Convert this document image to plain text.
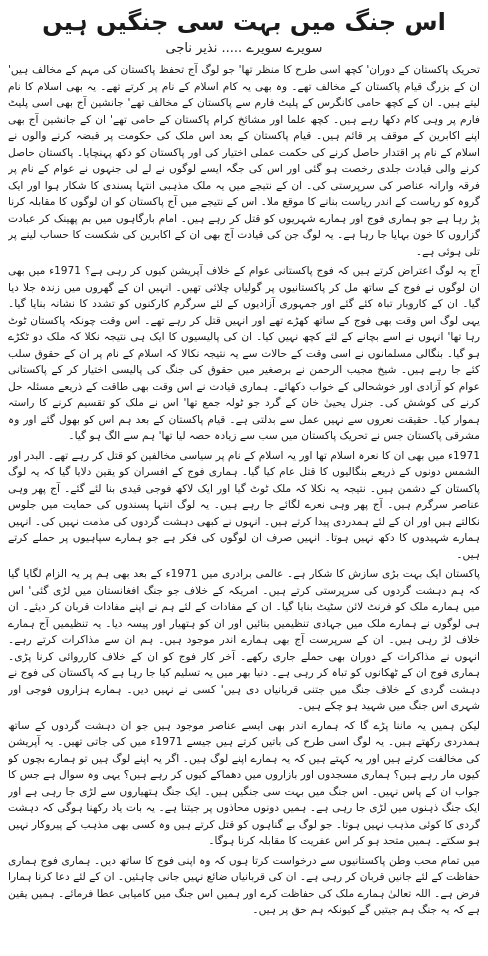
اس جنگ میں بہت سی جنگیں ہیں
سویرے سویرے ..... نذیر ناجی

تحریک پاکستان کے دوران' کچھ اسی طرح کا منظر تھا' جو لوگ آج تحفظ پاکستان کی مہم کے مخالف ہیں' ان کے بزرگ قیام پاکستان کے مخالف تھے۔ وہ بھی یہ کام اسلام کے نام پر کرتے تھے۔ یہ بھی اسلام کا نام لیتے ہیں۔ ان کے کچھ حامی کانگرس کے پلیٹ فارم سے پاکستان کے مخالف تھے' جانشین آج بھی اسی پلیٹ فارم پر وہی کام دکھا رہے ہیں۔ کچھ علما اور مشائخ کرام پاکستان کے حامی تھے' ان کے جانشین آج بھی اپنے اکابرین کے موقف پر قائم ہیں۔ قیام پاکستان کے بعد اس ملک کی حکومت پر قبضہ کرنے والوں نے اسلام کے نام پر اقتدار حاصل کرنے کی حکمت عملی اختیار کی اور پاکستان کو دکھ پہنچایا۔ پاکستان حاصل کرنے والی قیادت جلدی رخصت ہو گئی اور اس کی جگہ ایسے لوگوں نے لے لی جنہوں نے عوام کے نام پر فرقہ وارانہ عناصر کی سرپرستی کی۔ ان کے نتیجے میں یہ ملک مذہبی انتہا پسندی کا شکار ہوا اور ایک گروہ کو ریاست کے اندر ریاست بنانے کا موقع ملا۔ اس کے نتیجے میں آج پاکستان کو ان لوگوں کا مقابلہ کرنا پڑ رہا ہے جو ہماری فوج اور ہمارے شہریوں کو قتل کر رہے ہیں۔ امام بارگاہوں میں بم پھینک کر عبادت گزاروں کا خون بہایا جا رہا ہے۔ یہ لوگ جن کی قیادت آج بھی ان کے اکابرین کی شکست کا حساب لینے پر تلی ہوئی ہے۔

آج یہ لوگ اعتراض کرتے ہیں کہ فوج پاکستانی عوام کے خلاف آپریشن کیوں کر رہی ہے؟ 1971ء میں بھی ان لوگوں نے فوج کے ساتھ مل کر پاکستانیوں پر گولیاں چلائی تھیں۔ انہیں ان کے گھروں میں زندہ جلا دیا گیا۔ ان کے کاروبار تباہ کئے گئے اور جمہوری آزادیوں کے لئے سرگرم کارکنوں کو تشدد کا نشانہ بنایا گیا۔ یہی لوگ اس وقت بھی فوج کے ساتھ کھڑے تھے اور انہیں قتل کر رہے تھے۔ اس وقت چونکہ پاکستان ٹوٹ رہا تھا' انہوں نے اسے بچانے کے لئے کچھ نہیں کیا۔ ان کی پالیسیوں کا ایک ہی نتیجہ نکلا کہ ملک دو ٹکڑے ہو گیا۔ بنگالی مسلمانوں نے اسی وقت کے حالات سے یہ نتیجہ نکالا کہ اسلام کے نام پر ان کے حقوق سلب کئے جا رہے ہیں۔ شیخ مجیب الرحمن نے برصغیر میں حقوق کی جنگ کی پالیسی اختیار کر کے پاکستانی عوام کو آزادی اور خوشحالی کے خواب دکھائے۔ ہماری قیادت نے اس وقت بھی طاقت کے ذریعے مسئلہ حل کرنے کی کوشش کی۔ جنرل یحییٰ خان کے گرد جو ٹولہ جمع تھا' اس نے ملک کو تقسیم کرنے کا راستہ ہموار کیا۔ حقیقت نعروں سے نہیں عمل سے بدلتی ہے۔ قیام پاکستان کے بعد ہم اس کو بھول گئے اور وہ مشرقی پاکستان جس نے تحریک پاکستان میں سب سے زیادہ حصہ لیا تھا' ہم سے الگ ہو گیا۔

1971ء میں بھی ان کا نعرہ اسلام تھا اور یہ اسلام کے نام پر سیاسی مخالفین کو قتل کر رہے تھے۔ البدر اور الشمس دونوں کے ذریعے بنگالیوں کا قتل عام کیا گیا۔ ہماری فوج کے افسران کو یقین دلایا گیا کہ یہ لوگ پاکستان کے دشمن ہیں۔ نتیجہ یہ نکلا کہ ملک ٹوٹ گیا اور ایک لاکھ فوجی قیدی بنا لئے گئے۔ آج پھر وہی عناصر سرگرم ہیں۔ آج پھر وہی نعرے لگائے جا رہے ہیں۔ یہ لوگ انتہا پسندوں کی حمایت میں جلوس نکالتے ہیں اور ان کے لئے ہمدردی پیدا کرتے ہیں۔ انہوں نے کبھی دہشت گردوں کی مذمت نہیں کی۔ انہیں ہمارے شہیدوں کا دکھ نہیں ہوتا۔ انہیں صرف ان لوگوں کی فکر ہے جو ہمارے سپاہیوں پر حملے کرتے ہیں۔

پاکستان ایک بہت بڑی سازش کا شکار ہے۔ عالمی برادری میں 1971ء کے بعد بھی ہم پر یہ الزام لگایا گیا کہ ہم دہشت گردوں کی سرپرستی کرتے ہیں۔ امریکہ کے خلاف جو جنگ افغانستان میں لڑی گئی' اس میں ہمارے ملک کو فرنٹ لائن سٹیٹ بنایا گیا۔ ان کے مفادات کے لئے ہم نے اپنے مفادات قربان کر دیئے۔ ان ہی لوگوں نے ہمارے ملک میں جہادی تنظیمیں بنائیں اور ان کو ہتھیار اور پیسہ دیا۔ یہ تنظیمیں آج ہمارے خلاف لڑ رہی ہیں۔ ان کے سرپرست آج بھی ہمارے اندر موجود ہیں۔ ہم ان سے مذاکرات کرتے رہے۔ انہوں نے مذاکرات کے دوران بھی حملے جاری رکھے۔ آخر کار فوج کو ان کے خلاف کارروائی کرنا پڑی۔ ہماری فوج ان کے ٹھکانوں کو تباہ کر رہی ہے۔ دنیا بھر میں یہ تسلیم کیا جا رہا ہے کہ پاکستان کی فوج نے دہشت گردی کے خلاف جنگ میں جتنی قربانیاں دی ہیں' کسی نے نہیں دیں۔ ہمارے ہزاروں فوجی اور شہری اس جنگ میں شہید ہو چکے ہیں۔

لیکن ہمیں یہ ماننا پڑے گا کہ ہمارے اندر بھی ایسے عناصر موجود ہیں جو ان دہشت گردوں کے ساتھ ہمدردی رکھتے ہیں۔ یہ لوگ اسی طرح کی باتیں کرتے ہیں جیسے 1971ء میں کی جاتی تھیں۔ یہ آپریشن کی مخالفت کرتے ہیں اور یہ کہتے ہیں کہ یہ ہمارے اپنے لوگ ہیں۔ اگر یہ اپنے لوگ ہیں تو ہمارے بچوں کو کیوں مار رہے ہیں؟ ہماری مسجدوں اور بازاروں میں دھماکے کیوں کر رہے ہیں؟ یہی وہ سوال ہے جس کا جواب ان کے پاس نہیں۔ اس جنگ میں بہت سی جنگیں ہیں۔ ایک جنگ ہتھیاروں سے لڑی جا رہی ہے اور ایک جنگ ذہنوں میں لڑی جا رہی ہے۔ ہمیں دونوں محاذوں پر جیتنا ہے۔ یہ بات یاد رکھنا ہوگی کہ دہشت گردی کا کوئی مذہب نہیں ہوتا۔ جو لوگ بے گناہوں کو قتل کرتے ہیں وہ کسی بھی مذہب کے پیروکار نہیں ہو سکتے۔ ہمیں متحد ہو کر اس عفریت کا مقابلہ کرنا ہوگا۔

میں تمام محب وطن پاکستانیوں سے درخواست کرتا ہوں کہ وہ اپنی فوج کا ساتھ دیں۔ ہماری فوج ہماری حفاظت کے لئے جانیں قربان کر رہی ہے۔ ان کی قربانیاں ضائع نہیں جانی چاہئیں۔ ان کے لئے دعا کرنا ہمارا فرض ہے۔ اللہ تعالیٰ ہمارے ملک کی حفاظت کرے اور ہمیں اس جنگ میں کامیابی عطا فرمائے۔ ہمیں یقین ہے کہ یہ جنگ ہم جیتیں گے کیونکہ ہم حق پر ہیں۔
